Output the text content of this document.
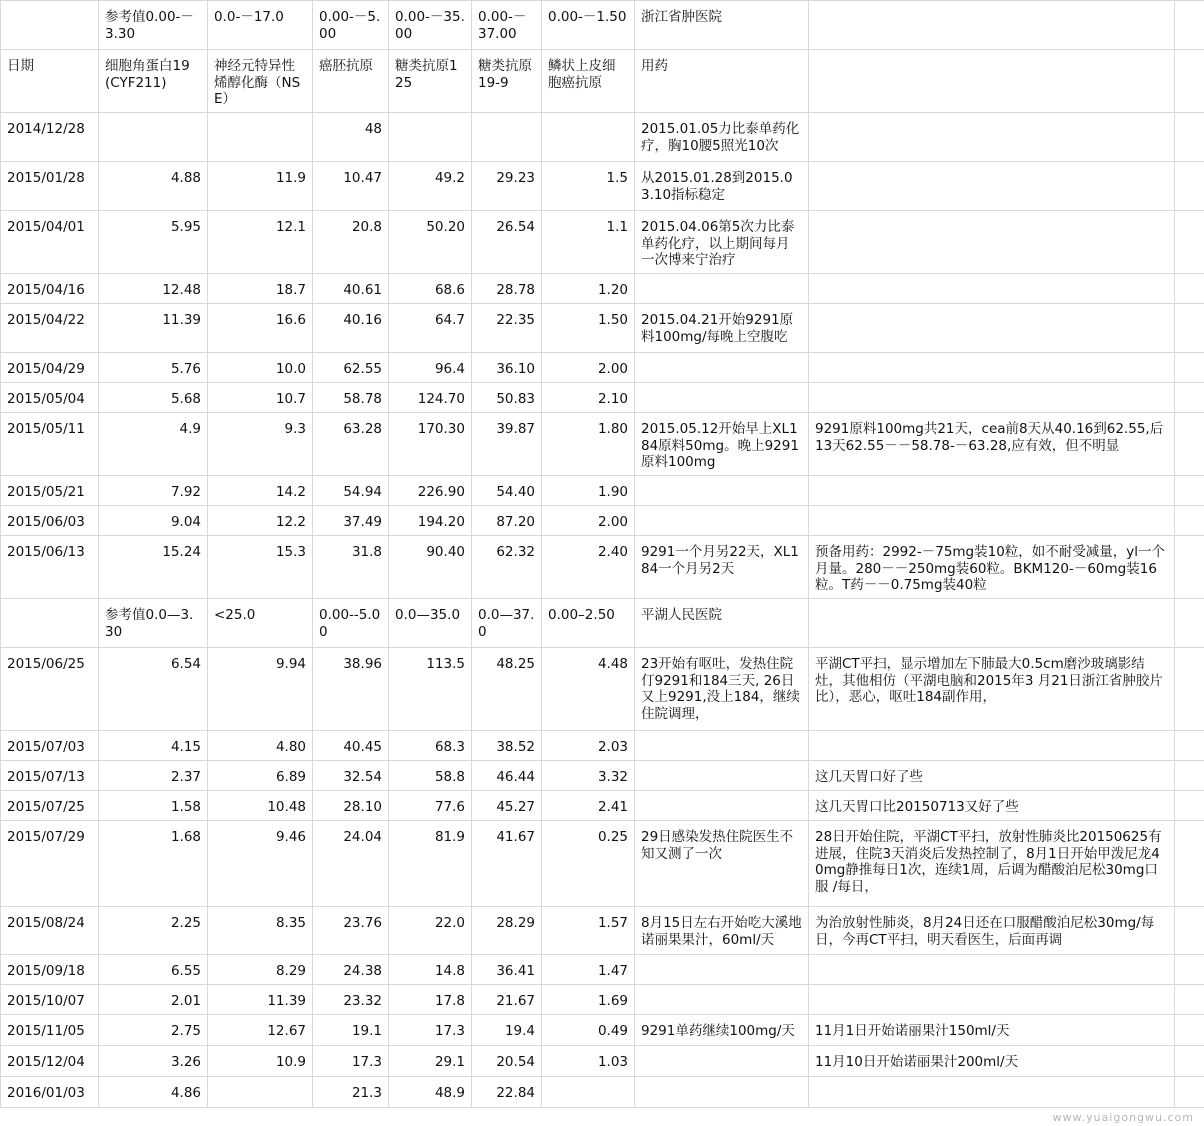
	参考值0.00-－3.30	0.0-－17.0	0.00-－5.00	0.00-－35.00	0.00-－37.00	0.00-－1.50	浙江省肿医院		
日期	细胞角蛋白19(CYF211)	神经元特异性烯醇化酶（NSE）	癌胚抗原	糖类抗原125	糖类抗原19-9	鳞状上皮细胞癌抗原	用药		
2014/12/28			48				2015.01.05力比泰单药化疗，胸10腰5照光10次		
2015/01/28	4.88	11.9	10.47	49.2	29.23	1.5	从2015.01.28到2015.03.10指标稳定		
2015/04/01	5.95	12.1	20.8	50.20	26.54	1.1	2015.04.06第5次力比泰单药化疗，以上期间每月一次博来宁治疗		
2015/04/16	12.48	18.7	40.61	68.6	28.78	1.20			
2015/04/22	11.39	16.6	40.16	64.7	22.35	1.50	2015.04.21开始9291原料100mg/每晚上空腹吃		
2015/04/29	5.76	10.0	62.55	96.4	36.10	2.00			
2015/05/04	5.68	10.7	58.78	124.70	50.83	2.10			
2015/05/11	4.9	9.3	63.28	170.30	39.87	1.80	2015.05.12开始早上XL184原料50mg。晚上9291原料100mg	9291原料100mg共21天，cea前8天从40.16到62.55,后13天62.55－－58.78-－63.28,应有效，但不明显	
2015/05/21	7.92	14.2	54.94	226.90	54.40	1.90			
2015/06/03	9.04	12.2	37.49	194.20	87.20	2.00			
2015/06/13	15.24	15.3	31.8	90.40	62.32	2.40	9291一个月另22天，XL184一个月另2天	预备用药：2992-－75mg装10粒，如不耐受减量，yl一个月量。280－－250mg装60粒。BKM120-－60mg装16粒。T药－－0.75mg装40粒	
	参考值0.0—3.30	<25.0	0.00--5.00	0.0—35.0	0.0—37.0	0.00–2.50	平湖人民医院		
2015/06/25	6.54	9.94	38.96	113.5	48.25	4.48	23开始有呕吐，发热住院仃9291和184三天, 26日又上9291,没上184，继续住院调理，	平湖CT平扫，显示增加左下肺最大0.5cm磨沙玻璃影结灶，其他相仿（平湖电脑和2015年3 月21日浙江省肿胶片比），恶心，呕吐184副作用，	
2015/07/03	4.15	4.80	40.45	68.3	38.52	2.03			
2015/07/13	2.37	6.89	32.54	58.8	46.44	3.32		这几天胃口好了些	
2015/07/25	1.58	10.48	28.10	77.6	45.27	2.41		这几天胃口比20150713又好了些	
2015/07/29	1.68	9.46	24.04	81.9	41.67	0.25	29日感染发热住院医生不知又测了一次	28日开始住院，平湖CT平扫，放射性肺炎比20150625有进展，住院3天消炎后发热控制了，8月1日开始甲泼尼龙40mg静推每日1次，连续1周，后调为醋酸泊尼松30mg口服 /每日，	
2015/08/24	2.25	8.35	23.76	22.0	28.29	1.57	8月15日左右开始吃大溪地诺丽果果汁，60ml/天	为治放射性肺炎，8月24日还在口服醋酸泊尼松30mg/每日，今再CT平扫，明天看医生，后面再调	
2015/09/18	6.55	8.29	24.38	14.8	36.41	1.47			
2015/10/07	2.01	11.39	23.32	17.8	21.67	1.69			
2015/11/05	2.75	12.67	19.1	17.3	19.4	0.49	9291单药继续100mg/天	11月1日开始诺丽果汁150ml/天	
2015/12/04	3.26	10.9	17.3	29.1	20.54	1.03		11月10日开始诺丽果汁200ml/天	
2016/01/03	4.86		21.3	48.9	22.84				
www.yuaigongwu.com
